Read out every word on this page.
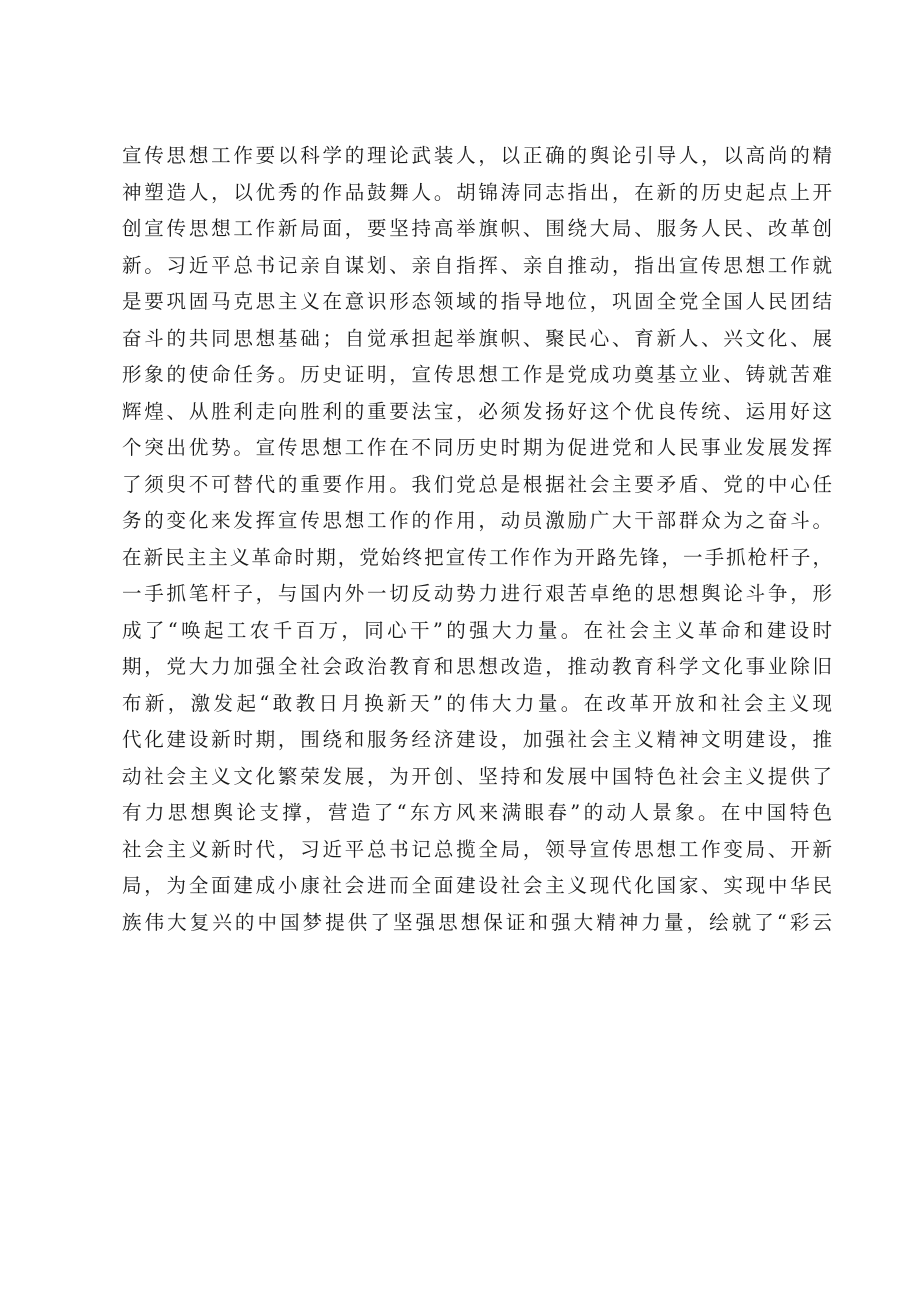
宣传思想工作要以科学的理论武装人，以正确的舆论引导人，以高尚的精
神塑造人，以优秀的作品鼓舞人。胡锦涛同志指出，在新的历史起点上开
创宣传思想工作新局面，要坚持高举旗帜、围绕大局、服务人民、改革创
新。习近平总书记亲自谋划、亲自指挥、亲自推动，指出宣传思想工作就
是要巩固马克思主义在意识形态领域的指导地位，巩固全党全国人民团结
奋斗的共同思想基础；自觉承担起举旗帜、聚民心、育新人、兴文化、展
形象的使命任务。历史证明，宣传思想工作是党成功奠基立业、铸就苦难
辉煌、从胜利走向胜利的重要法宝，必须发扬好这个优良传统、运用好这
个突出优势。宣传思想工作在不同历史时期为促进党和人民事业发展发挥
了须臾不可替代的重要作用。我们党总是根据社会主要矛盾、党的中心任
务的变化来发挥宣传思想工作的作用，动员激励广大干部群众为之奋斗。
在新民主主义革命时期，党始终把宣传工作作为开路先锋，一手抓枪杆子，
一手抓笔杆子，与国内外一切反动势力进行艰苦卓绝的思想舆论斗争，形
成了“唤起工农千百万，同心干”的强大力量。在社会主义革命和建设时
期，党大力加强全社会政治教育和思想改造，推动教育科学文化事业除旧
布新，激发起“敢教日月换新天”的伟大力量。在改革开放和社会主义现
代化建设新时期，围绕和服务经济建设，加强社会主义精神文明建设，推
动社会主义文化繁荣发展，为开创、坚持和发展中国特色社会主义提供了
有力思想舆论支撑，营造了“东方风来满眼春”的动人景象。在中国特色
社会主义新时代，习近平总书记总揽全局，领导宣传思想工作变局、开新
局，为全面建成小康社会进而全面建设社会主义现代化国家、实现中华民
族伟大复兴的中国梦提供了坚强思想保证和强大精神力量，绘就了“彩云
